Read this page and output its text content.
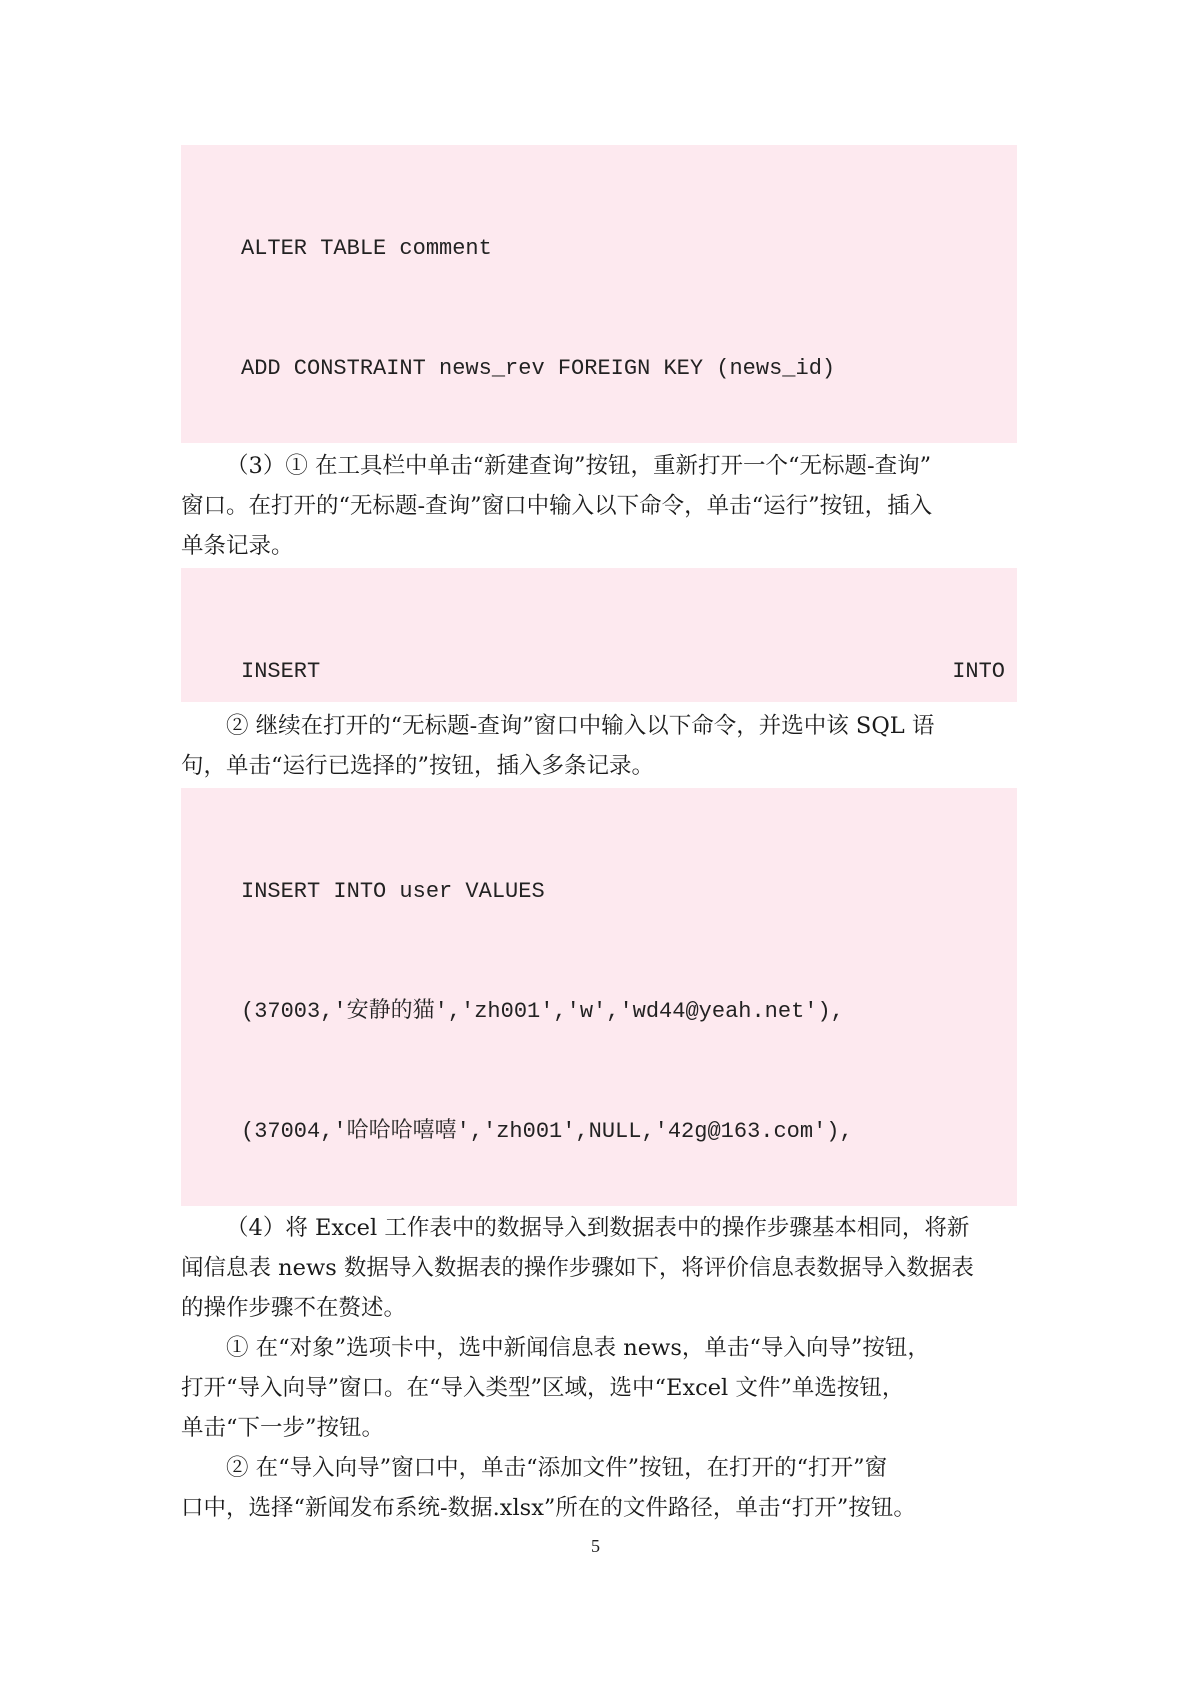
ALTER TABLE comment

ADD CONSTRAINT news_rev FOREIGN KEY (news_id)

（3）① 在工具栏中单击“新建查询”按钮，重新打开一个“无标题-查询”
窗口。在打开的“无标题-查询”窗口中输入以下命令，单击“运行”按钮，插入
单条记录。

INSERT	INTO

② 继续在打开的“无标题-查询”窗口中输入以下命令，并选中该 SQL 语
句，单击“运行已选择的”按钮，插入多条记录。

INSERT INTO user VALUES

(37003,'安静的猫','zh001','w','wd44@yeah.net'),

(37004,'哈哈哈嘻嘻','zh001',NULL,'42g@163.com'),

（4）将 Excel 工作表中的数据导入到数据表中的操作步骤基本相同，将新
闻信息表 news 数据导入数据表的操作步骤如下，将评价信息表数据导入数据表
的操作步骤不在赘述。
① 在“对象”选项卡中，选中新闻信息表 news，单击“导入向导”按钮，
打开“导入向导”窗口。在“导入类型”区域，选中“Excel 文件”单选按钮，
单击“下一步”按钮。
② 在“导入向导”窗口中，单击“添加文件”按钮，在打开的“打开”窗
口中，选择“新闻发布系统-数据.xlsx”所在的文件路径，单击“打开”按钮。
5
